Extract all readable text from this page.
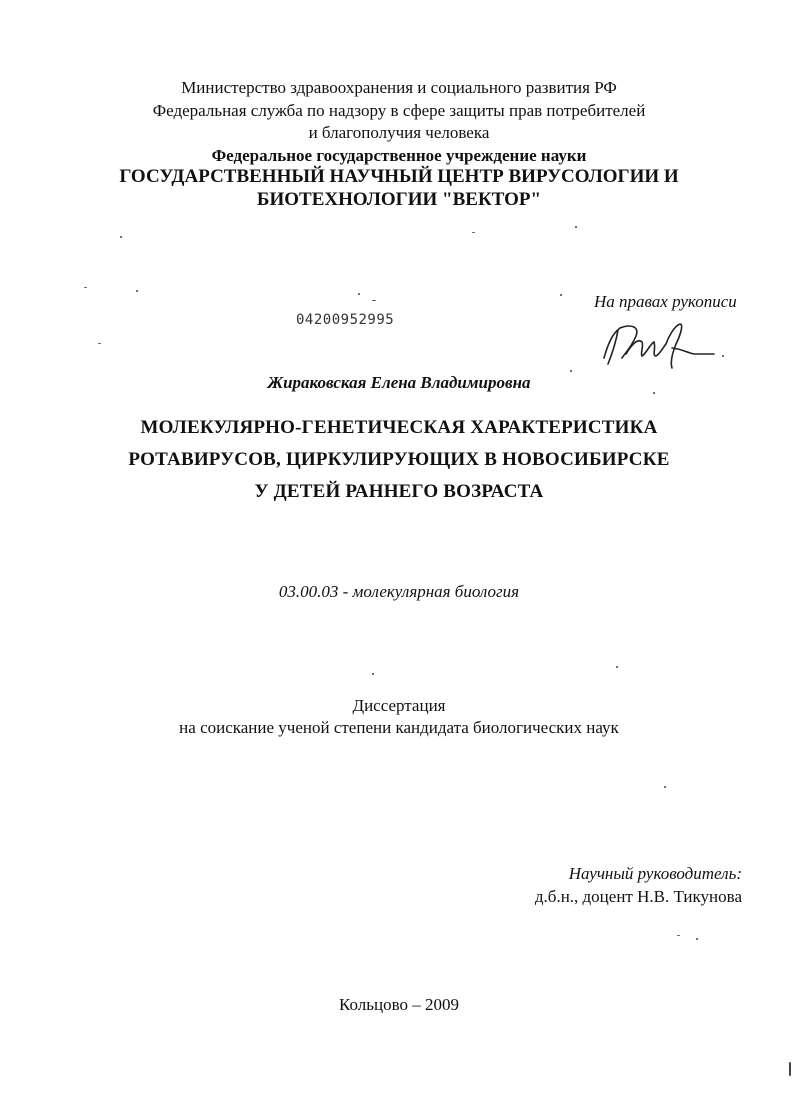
Министерство здравоохранения и социального развития РФ
Федеральная служба по надзору в сфере защиты прав потребителей
и благополучия человека
Федеральное государственное учреждение науки
ГОСУДАРСТВЕННЫЙ НАУЧНЫЙ ЦЕНТР ВИРУСОЛОГИИ И
БИОТЕХНОЛОГИИ "ВЕКТОР"
04200952995
На правах рукописи
Жираковская Елена Владимировна
МОЛЕКУЛЯРНО-ГЕНЕТИЧЕСКАЯ ХАРАКТЕРИСТИКА
РОТАВИРУСОВ, ЦИРКУЛИРУЮЩИХ В НОВОСИБИРСКЕ
У ДЕТЕЙ РАННЕГО ВОЗРАСТА
03.00.03 - молекулярная биология
Диссертация
на соискание ученой степени кандидата биологических наук
Научный руководитель:
д.б.н., доцент Н.В. Тикунова
Кольцово – 2009
